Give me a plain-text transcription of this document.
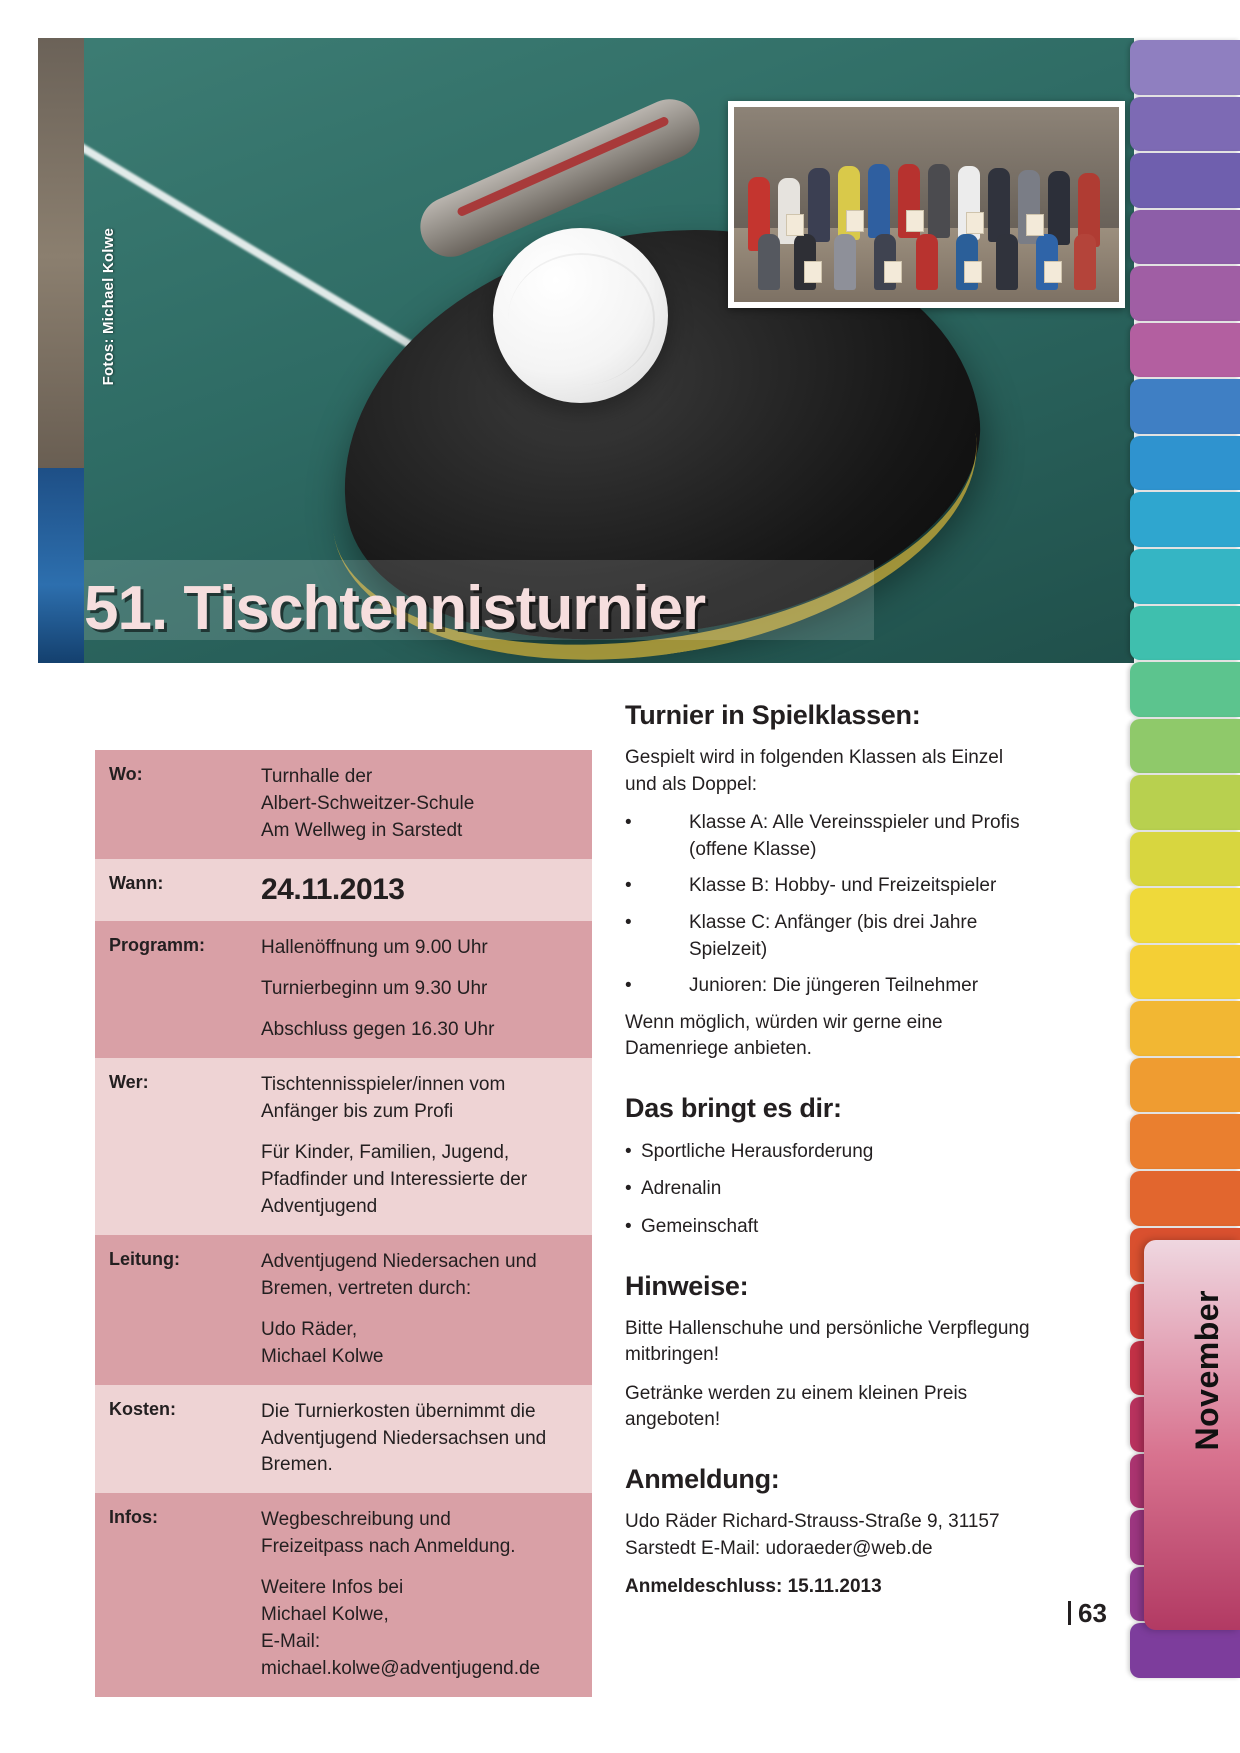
Fotos: Michael Kolwe
51. Tischtennisturnier
Wo:	Turnhalle der
Albert-Schweitzer-Schule
Am Wellweg in Sarstedt

Wann:	24.11.2013
Programm:	Hallenöffnung um 9.00 Uhr

Turnierbeginn um 9.30 Uhr

Abschluss gegen 16.30 Uhr

Wer:	Tischtennisspieler/innen vom
Anfänger bis zum Profi

Für Kinder, Familien, Jugend,
Pfadfinder und Interessierte der
Adventjugend

Leitung:	Adventjugend Niedersachen und
Bremen, vertreten durch:

Udo Räder,
Michael Kolwe

Kosten:	Die Turnierkosten übernimmt die
Adventjugend Niedersachsen und
Bremen.

Infos:	Wegbeschreibung und
Freizeitpass nach Anmeldung.

Weitere Infos bei
Michael Kolwe,
E-Mail:
michael.kolwe@adventjugend.de

Turnier in Spielklassen:

Gespielt wird in folgenden Klassen als Einzel und als Doppel:

• Klasse A: Alle Vereinsspieler und Profis (offene Klasse)
• Klasse B: Hobby- und Freizeitspieler
• Klasse C: Anfänger (bis drei Jahre Spielzeit)
• Junioren: Die jüngeren Teilnehmer

Wenn möglich, würden wir gerne eine Damenriege anbieten.

Das bringt es dir:
• Sportliche Herausforderung
• Adrenalin
• Gemeinschaft
Hinweise:

Bitte Hallenschuhe und persönliche Verpflegung mitbringen!

Getränke werden zu einem kleinen Preis angeboten!

Anmeldung:

Udo Räder Richard-Strauss-Straße 9, 31157 Sarstedt E-Mail: udoraeder@web.de

Anmeldeschluss: 15.11.2013
63
November
